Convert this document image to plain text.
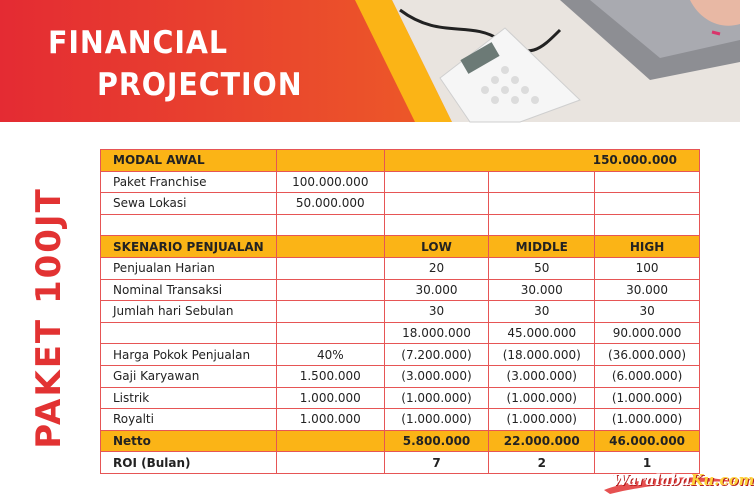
FINANCIAL
PROJECTION
PAKET 100JT
MODAL AWAL		150.000.000		
Paket Franchise	100.000.000			
Sewa Lokasi	50.000.000			

SKENARIO PENJUALAN		LOW	MIDDLE	HIGH
Penjualan Harian		20	50	100
Nominal Transaksi		30.000	30.000	30.000
Jumlah hari Sebulan		30	30	30
		18.000.000	45.000.000	90.000.000
Harga Pokok Penjualan	40%	(7.200.000)	(18.000.000)	(36.000.000)
Gaji Karyawan	1.500.000	(3.000.000)	(3.000.000)	(6.000.000)
Listrik	1.000.000	(1.000.000)	(1.000.000)	(1.000.000)
Royalti	1.000.000	(1.000.000)	(1.000.000)	(1.000.000)
Netto		5.800.000	22.000.000	46.000.000
ROI (Bulan)		7	2	1
WaralabaKu.com
